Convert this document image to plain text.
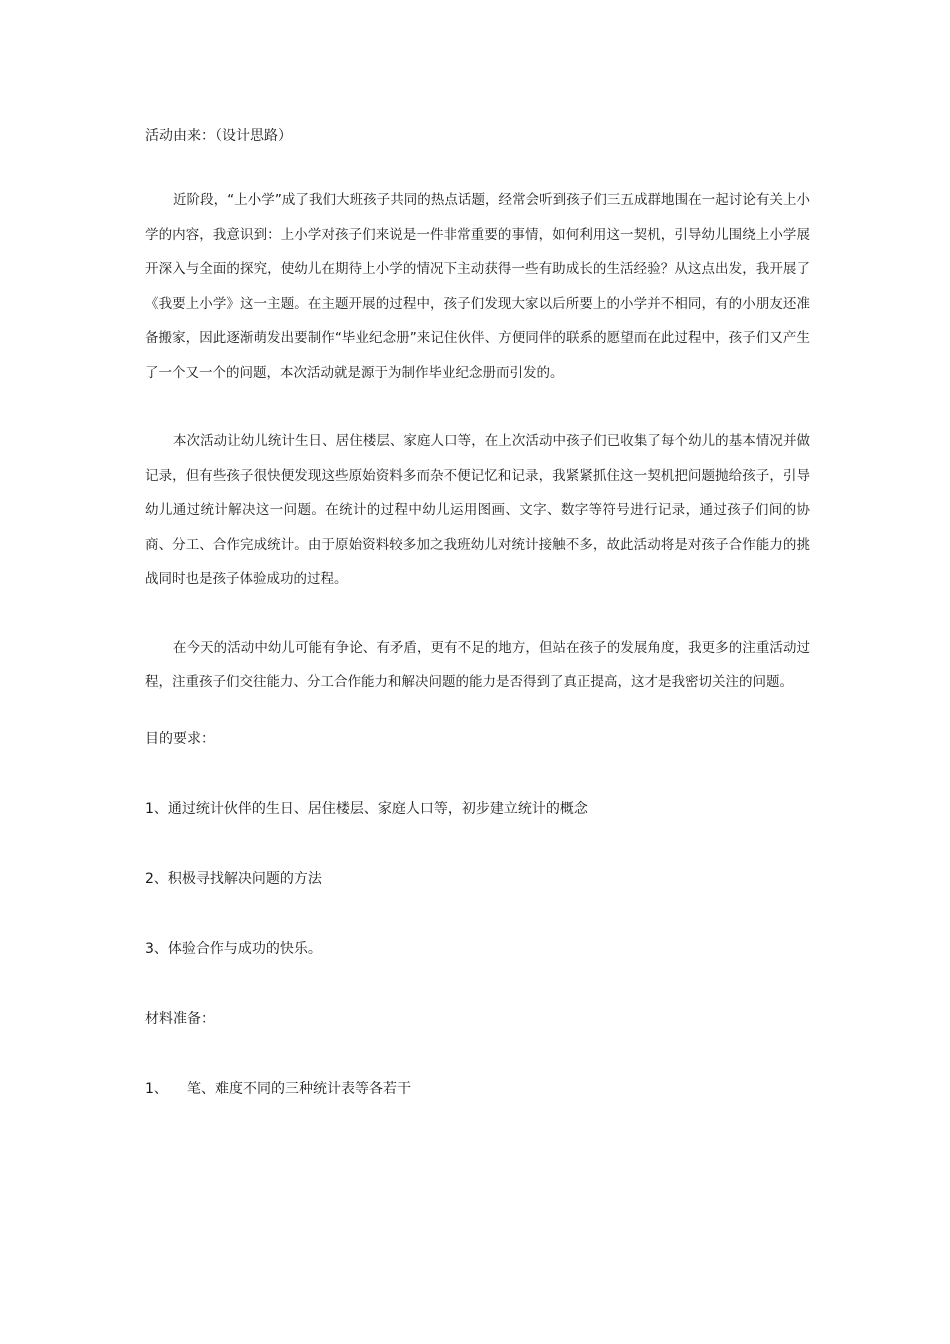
活动由来：（设计思路）

近阶段，“上小学”成了我们大班孩子共同的热点话题，经常会听到孩子们三五成群地围在一起讨论有关上小学的内容，我意识到：上小学对孩子们来说是一件非常重要的事情，如何利用这一契机，引导幼儿围绕上小学展开深入与全面的探究，使幼儿在期待上小学的情况下主动获得一些有助成长的生活经验？从这点出发，我开展了《我要上小学》这一主题。在主题开展的过程中，孩子们发现大家以后所要上的小学并不相同，有的小朋友还准备搬家，因此逐渐萌发出要制作“毕业纪念册”来记住伙伴、方便同伴的联系的愿望而在此过程中，孩子们又产生了一个又一个的问题，本次活动就是源于为制作毕业纪念册而引发的。

本次活动让幼儿统计生日、居住楼层、家庭人口等，在上次活动中孩子们已收集了每个幼儿的基本情况并做记录，但有些孩子很快便发现这些原始资料多而杂不便记忆和记录，我紧紧抓住这一契机把问题抛给孩子，引导幼儿通过统计解决这一问题。在统计的过程中幼儿运用图画、文字、数字等符号进行记录，通过孩子们间的协商、分工、合作完成统计。由于原始资料较多加之我班幼儿对统计接触不多，故此活动将是对孩子合作能力的挑战同时也是孩子体验成功的过程。

在今天的活动中幼儿可能有争论、有矛盾，更有不足的地方，但站在孩子的发展角度，我更多的注重活动过程，注重孩子们交往能力、分工合作能力和解决问题的能力是否得到了真正提高，这才是我密切关注的问题。

目的要求：

1、通过统计伙伴的生日、居住楼层、家庭人口等，初步建立统计的概念

2、积极寻找解决问题的方法

3、体验合作与成功的快乐。

材料准备：

1、 笔、难度不同的三种统计表等各若干
